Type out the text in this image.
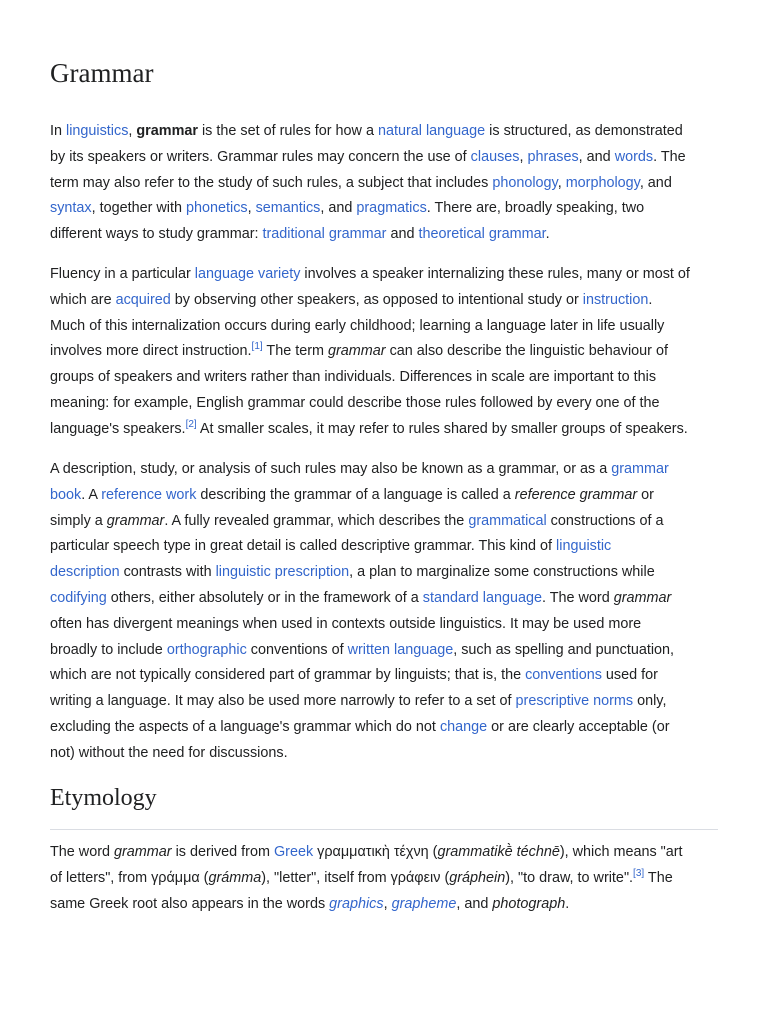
Grammar

In linguistics, grammar is the set of rules for how a natural language is structured, as demonstrated
by its speakers or writers. Grammar rules may concern the use of clauses, phrases, and words. The
term may also refer to the study of such rules, a subject that includes phonology, morphology, and
syntax, together with phonetics, semantics, and pragmatics. There are, broadly speaking, two
different ways to study grammar: traditional grammar and theoretical grammar.

Fluency in a particular language variety involves a speaker internalizing these rules, many or most of
which are acquired by observing other speakers, as opposed to intentional study or instruction.
Much of this internalization occurs during early childhood; learning a language later in life usually
involves more direct instruction.[1] The term grammar can also describe the linguistic behaviour of
groups of speakers and writers rather than individuals. Differences in scale are important to this
meaning: for example, English grammar could describe those rules followed by every one of the
language's speakers.[2] At smaller scales, it may refer to rules shared by smaller groups of speakers.

A description, study, or analysis of such rules may also be known as a grammar, or as a grammar
book. A reference work describing the grammar of a language is called a reference grammar or
simply a grammar. A fully revealed grammar, which describes the grammatical constructions of a
particular speech type in great detail is called descriptive grammar. This kind of linguistic
description contrasts with linguistic prescription, a plan to marginalize some constructions while
codifying others, either absolutely or in the framework of a standard language. The word grammar
often has divergent meanings when used in contexts outside linguistics. It may be used more
broadly to include orthographic conventions of written language, such as spelling and punctuation,
which are not typically considered part of grammar by linguists; that is, the conventions used for
writing a language. It may also be used more narrowly to refer to a set of prescriptive norms only,
excluding the aspects of a language's grammar which do not change or are clearly acceptable (or
not) without the need for discussions.

Etymology

The word grammar is derived from Greek γραμματικὴ τέχνη (grammatikḕ téchnē), which means "art
of letters", from γράμμα (grámma), "letter", itself from γράφειν (gráphein), "to draw, to write".[3] The
same Greek root also appears in the words graphics, grapheme, and photograph.
